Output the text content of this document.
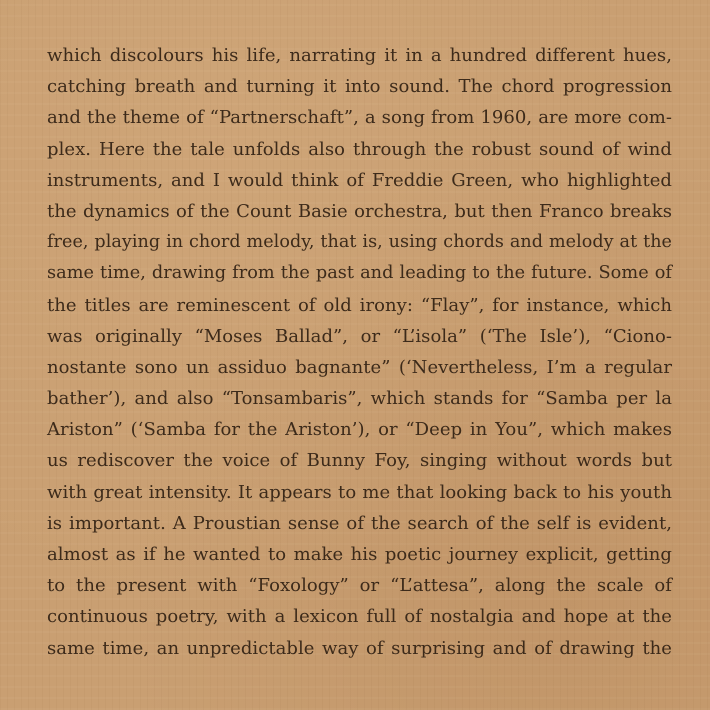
which discolours his life, narrating it in a hundred different hues,
catching breath and turning it into sound. The chord progression
and the theme of “Partnerschaft”, a song from 1960, are more com-
plex. Here the tale unfolds also through the robust sound of wind
instruments, and I would think of Freddie Green, who highlighted
the dynamics of the Count Basie orchestra, but then Franco breaks
free, playing in chord melody, that is, using chords and melody at the
same time, drawing from the past and leading to the future. Some of
the titles are reminescent of old irony: “Flay”, for instance, which
was originally “Moses Ballad”, or “L’isola” (‘The Isle’), “Ciono-
nostante sono un assiduo bagnante” (‘Nevertheless, I’m a regular
bather’), and also “Tonsambaris”, which stands for “Samba per la
Ariston” (‘Samba for the Ariston’), or “Deep in You”, which makes
us rediscover the voice of Bunny Foy, singing without words but
with great intensity. It appears to me that looking back to his youth
is important. A Proustian sense of the search of the self is evident,
almost as if he wanted to make his poetic journey explicit, getting
to the present with “Foxology” or “L’attesa”, along the scale of
continuous poetry, with a lexicon full of nostalgia and hope at the
same time, an unpredictable way of surprising and of drawing the
